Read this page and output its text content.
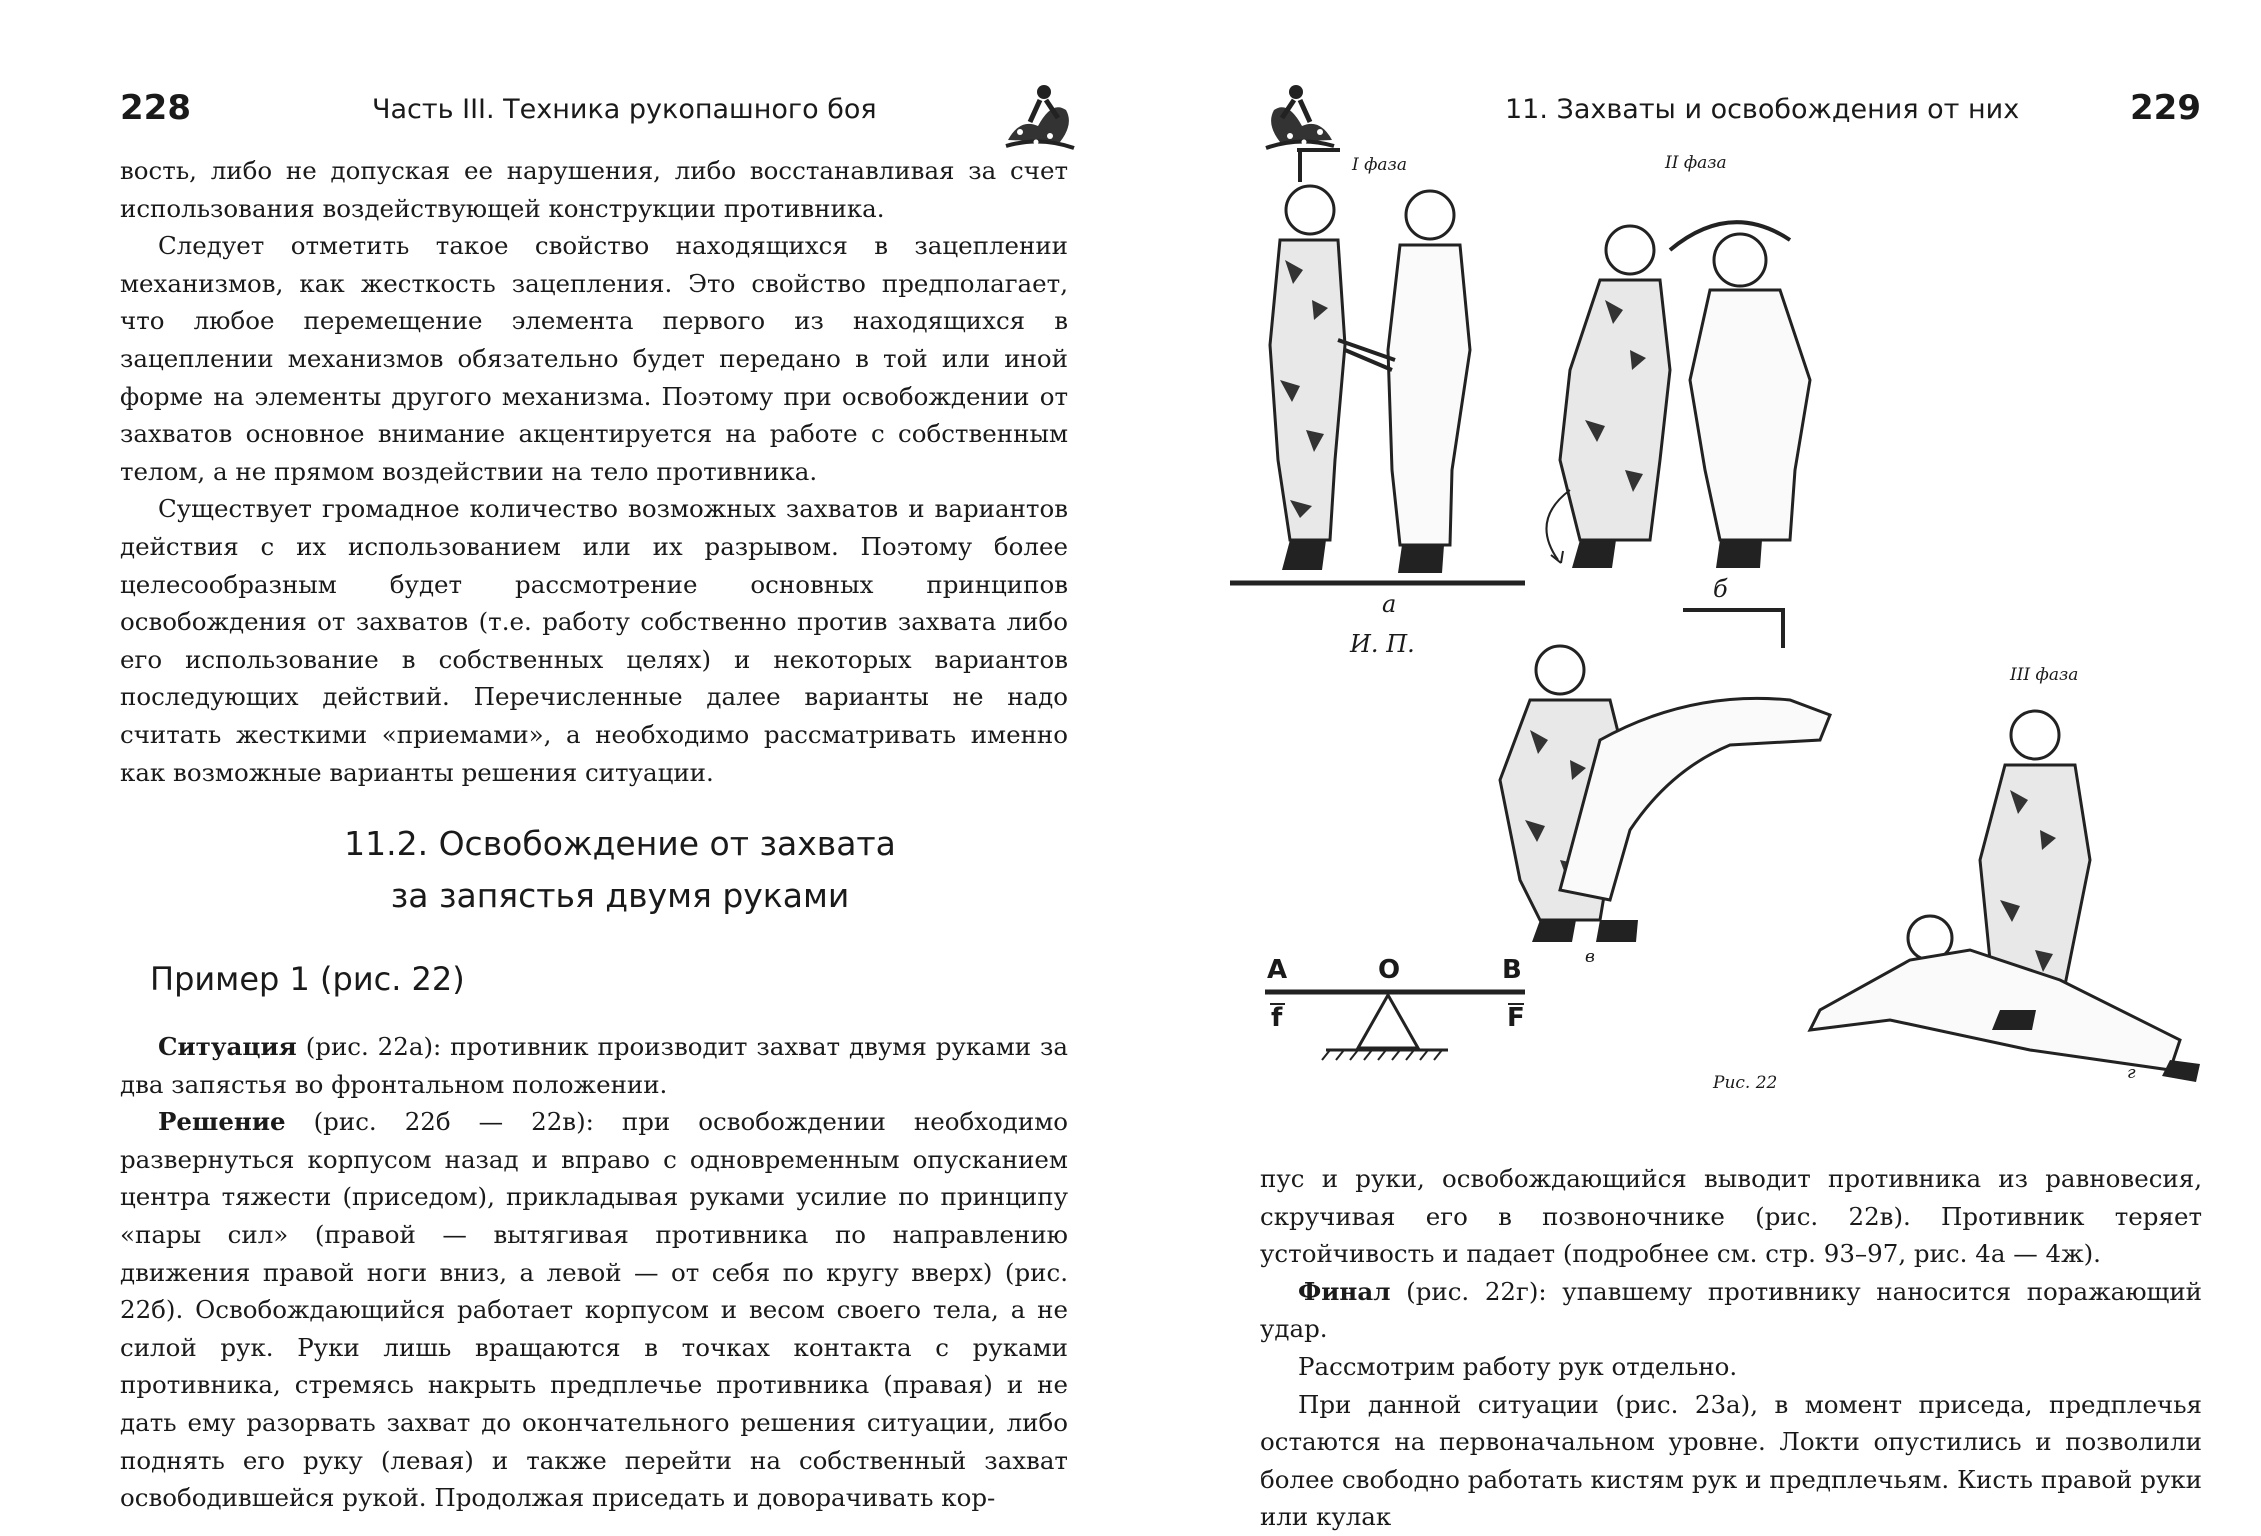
228	Часть III. Техника рукопашного боя

вость, либо не допуская ее нарушения, либо восстанавливая за счет использования воздействующей конструкции противника.

Следует отметить такое свойство находящихся в зацеплении механизмов, как жесткость зацепления. Это свойство предполагает, что любое перемещение элемента первого из находящихся в зацеплении механизмов обязательно будет передано в той или иной форме на элементы другого механизма. Поэтому при освобождении от захватов основное внимание акцентируется на работе с собственным телом, а не прямом воздействии на тело противника.

Существует громадное количество возможных захватов и вариантов действия с их использованием или их разрывом. Поэтому более целесообразным будет рассмотрение основных принципов освобождения от захватов (т.е. работу собственно против захвата либо его использование в собственных целях) и некоторых вариантов последующих действий. Перечисленные далее варианты не надо считать жесткими «приемами», а необходимо рассматривать именно как возможные варианты решения ситуации.

11.2. Освобождение от захвата
за запястья двумя руками
Пример 1 (рис. 22)

Ситуация (рис. 22а): противник производит захват двумя руками за два запястья во фронтальном положении.

Решение (рис. 22б — 22в): при освобождении необходимо развернуться корпусом назад и вправо с одновременным опусканием центра тяжести (приседом), прикладывая руками усилие по принципу «пары сил» (правой — вытягивая противника по направлению движения правой ноги вниз, а левой — от себя по кругу вверх) (рис. 22б). Освобождающийся работает корпусом и весом своего тела, а не силой рук. Руки лишь вращаются в точках контакта с руками противника, стремясь накрыть предплечье противника (правая) и не дать ему разорвать захват до окончательного решения ситуации, либо поднять его руку (левая) и также перейти на собственный захват освободившейся рукой. Продолжая приседать и доворачивать кор-

11. Захваты и освобождения от них	229
I фаза	II фаза
III фаза
а
И. П.
б
в
г
Рис. 22
A	O	B
f	F

пус и руки, освобождающийся выводит противника из равновесия, скручивая его в позвоночнике (рис. 22в). Противник теряет устойчивость и падает (подробнее см. стр. 93–97, рис. 4а — 4ж).

Финал (рис. 22г): упавшему противнику наносится поражающий удар.

Рассмотрим работу рук отдельно.

При данной ситуации (рис. 23а), в момент приседа, предплечья остаются на первоначальном уровне. Локти опустились и позволили более свободно работать кистям рук и предплечьям. Кисть правой руки или кулак
